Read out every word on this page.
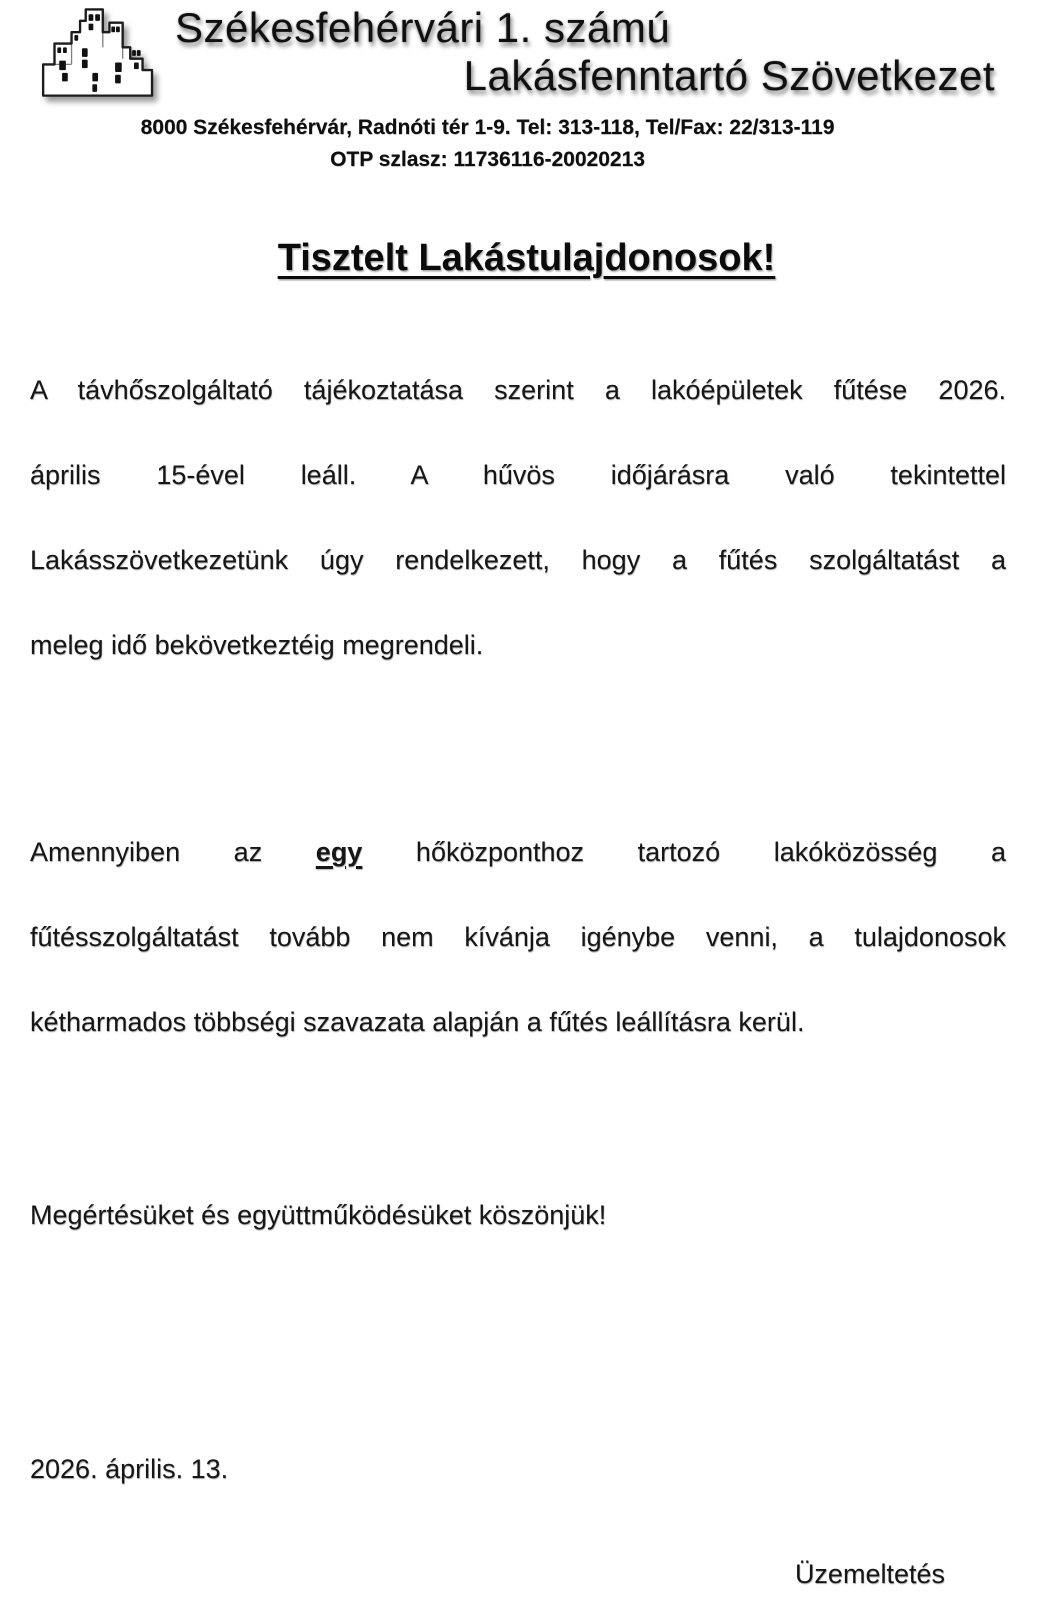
Székesfehérvári 1. számú
Lakásfenntartó Szövetkezet
8000 Székesfehérvár, Radnóti tér 1-9. Tel: 313-118, Tel/Fax: 22/313-119
OTP szlasz: 11736116-20020213
Tisztelt Lakástulajdonosok!
A távhőszolgáltató tájékoztatása szerint a lakóépületek fűtése 2026.
április 15-ével leáll. A hűvös időjárásra való tekintettel
Lakásszövetkezetünk úgy rendelkezett, hogy a fűtés szolgáltatást a
meleg idő bekövetkeztéig megrendeli.
Amennyiben az egy hőközponthoz tartozó lakóközösség a
fűtésszolgáltatást tovább nem kívánja igénybe venni, a tulajdonosok
kétharmados többségi szavazata alapján a fűtés leállításra kerül.
Megértésüket és együttműködésüket köszönjük!
2026. április. 13.
Üzemeltetés
